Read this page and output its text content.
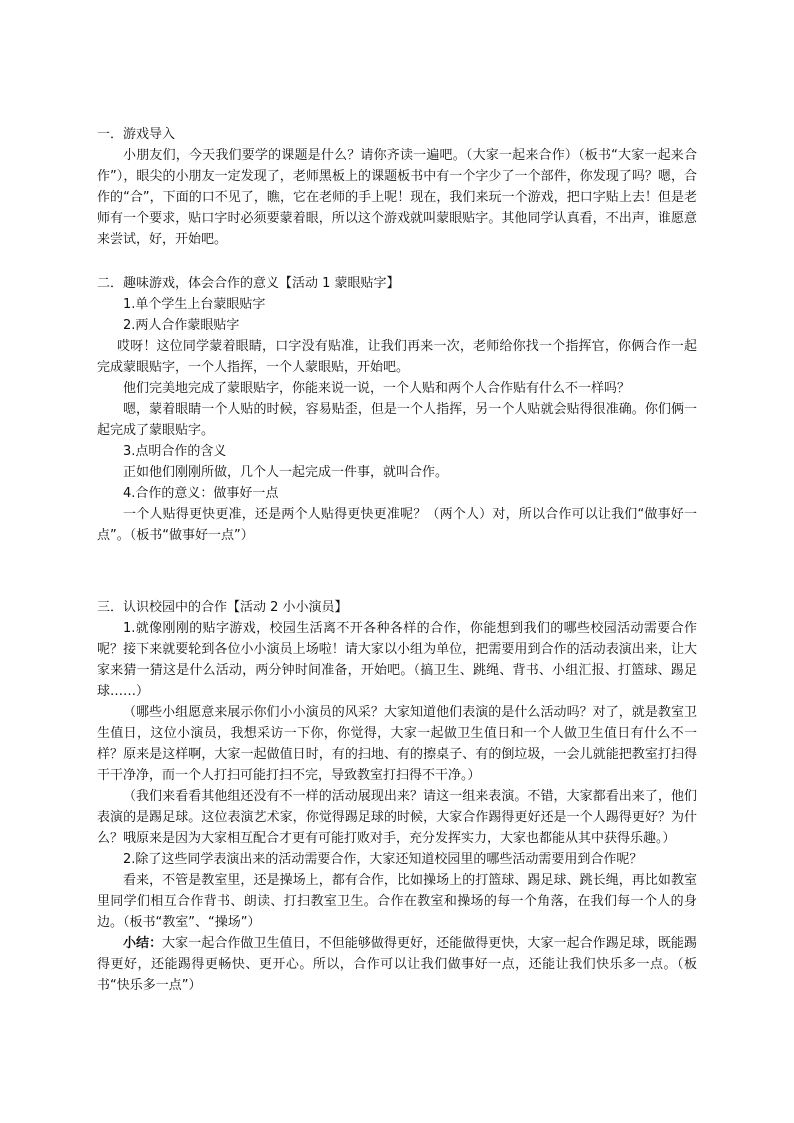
一．游戏导入

小朋友们，今天我们要学的课题是什么？请你齐读一遍吧。（大家一起来合作）（板书“大家一起来合作”），眼尖的小朋友一定发现了，老师黑板上的课题板书中有一个字少了一个部件，你发现了吗？嗯，合作的“合”，下面的口不见了，瞧，它在老师的手上呢！现在，我们来玩一个游戏，把口字贴上去！但是老师有一个要求，贴口字时必须要蒙着眼，所以这个游戏就叫蒙眼贴字。其他同学认真看，不出声，谁愿意来尝试，好，开始吧。

二．趣味游戏，体会合作的意义【活动 1 蒙眼贴字】

1.单个学生上台蒙眼贴字

2.两人合作蒙眼贴字

哎呀！这位同学蒙着眼睛，口字没有贴准，让我们再来一次，老师给你找一个指挥官，你俩合作一起完成蒙眼贴字，一个人指挥，一个人蒙眼贴，开始吧。

他们完美地完成了蒙眼贴字，你能来说一说，一个人贴和两个人合作贴有什么不一样吗？

嗯，蒙着眼睛一个人贴的时候，容易贴歪，但是一个人指挥，另一个人贴就会贴得很准确。你们俩一起完成了蒙眼贴字。

3.点明合作的含义

正如他们刚刚所做，几个人一起完成一件事，就叫合作。

4.合作的意义：做事好一点

一个人贴得更快更准，还是两个人贴得更快更准呢？（两个人）对，所以合作可以让我们“做事好一点”。（板书“做事好一点”）

三．认识校园中的合作【活动 2 小小演员】

1.就像刚刚的贴字游戏，校园生活离不开各种各样的合作，你能想到我们的哪些校园活动需要合作呢？接下来就要轮到各位小小演员上场啦！请大家以小组为单位，把需要用到合作的活动表演出来，让大家来猜一猜这是什么活动，两分钟时间准备，开始吧。（搞卫生、跳绳、背书、小组汇报、打篮球、踢足球……）

（哪些小组愿意来展示你们小小演员的风采？大家知道他们表演的是什么活动吗？对了，就是教室卫生值日，这位小演员，我想采访一下你，你觉得，大家一起做卫生值日和一个人做卫生值日有什么不一样？原来是这样啊，大家一起做值日时，有的扫地、有的擦桌子、有的倒垃圾，一会儿就能把教室打扫得干干净净，而一个人打扫可能打扫不完，导致教室打扫得不干净。）

（我们来看看其他组还没有不一样的活动展现出来？请这一组来表演。不错，大家都看出来了，他们表演的是踢足球。这位表演艺术家，你觉得踢足球的时候，大家合作踢得更好还是一个人踢得更好？为什么？哦原来是因为大家相互配合才更有可能打败对手，充分发挥实力，大家也都能从其中获得乐趣。）

2.除了这些同学表演出来的活动需要合作，大家还知道校园里的哪些活动需要用到合作呢？

看来，不管是教室里，还是操场上，都有合作，比如操场上的打篮球、踢足球、跳长绳，再比如教室里同学们相互合作背书、朗读、打扫教室卫生。合作在教室和操场的每一个角落，在我们每一个人的身边。（板书“教室”、“操场”）

小结：大家一起合作做卫生值日，不但能够做得更好，还能做得更快，大家一起合作踢足球，既能踢得更好，还能踢得更畅快、更开心。所以，合作可以让我们做事好一点，还能让我们快乐多一点。（板书“快乐多一点”）
